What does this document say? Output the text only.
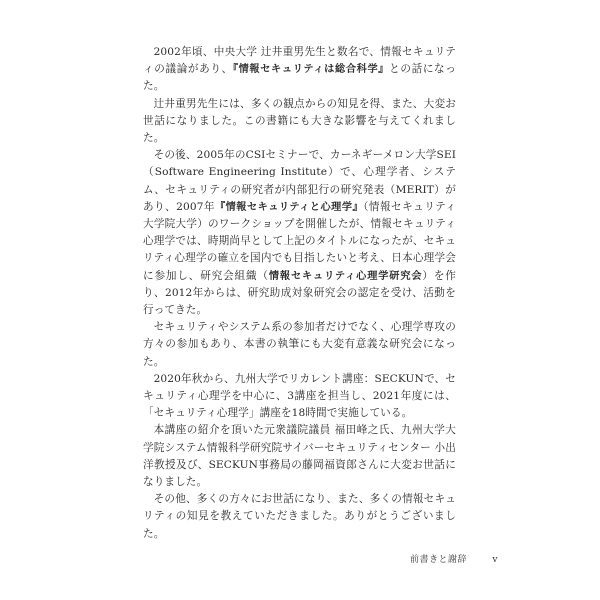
2002年頃、中央大学 辻井重男先生と数名で、情報セキュリティの議論があり、『情報セキュリティは総合科学』との話になった。

辻井重男先生には、多くの観点からの知見を得、また、大変お世話になりました。この書籍にも大きな影響を与えてくれました。

その後、2005年のCSIセミナーで、カーネギーメロン大学SEI（Software Engineering Institute）で、心理学者、システム、セキュリティの研究者が内部犯行の研究発表（MERIT）があり、2007年『情報セキュリティと心理学』（情報セキュリティ大学院大学）のワークショップを開催したが、情報セキュリティ心理学では、時期尚早として上記のタイトルになったが、セキュリティ心理学の確立を国内でも目指したいと考え、日本心理学会に参加し、研究会組織（情報セキュリティ心理学研究会）を作り、2012年からは、研究助成対象研究会の認定を受け、活動を行ってきた。

セキュリティやシステム系の参加者だけでなく、心理学専攻の方々の参加もあり、本書の執筆にも大変有意義な研究会になった。

2020年秋から、九州大学でリカレント講座：SECKUNで、セキュリティ心理学を中心に、3講座を担当し、2021年度には、「セキュリティ心理学」講座を18時間で実施している。

本講座の紹介を頂いた元衆議院議員 福田峰之氏、九州大学大学院システム情報科学研究院サイバーセキュリティセンター 小出洋教授及び、SECKUN事務局の藤岡福資郎さんに大変お世話になりました。

その他、多くの方々にお世話になり、また、多くの情報セキュリティの知見を教えていただきました。ありがとうございました。

前書きと謝辞	v
